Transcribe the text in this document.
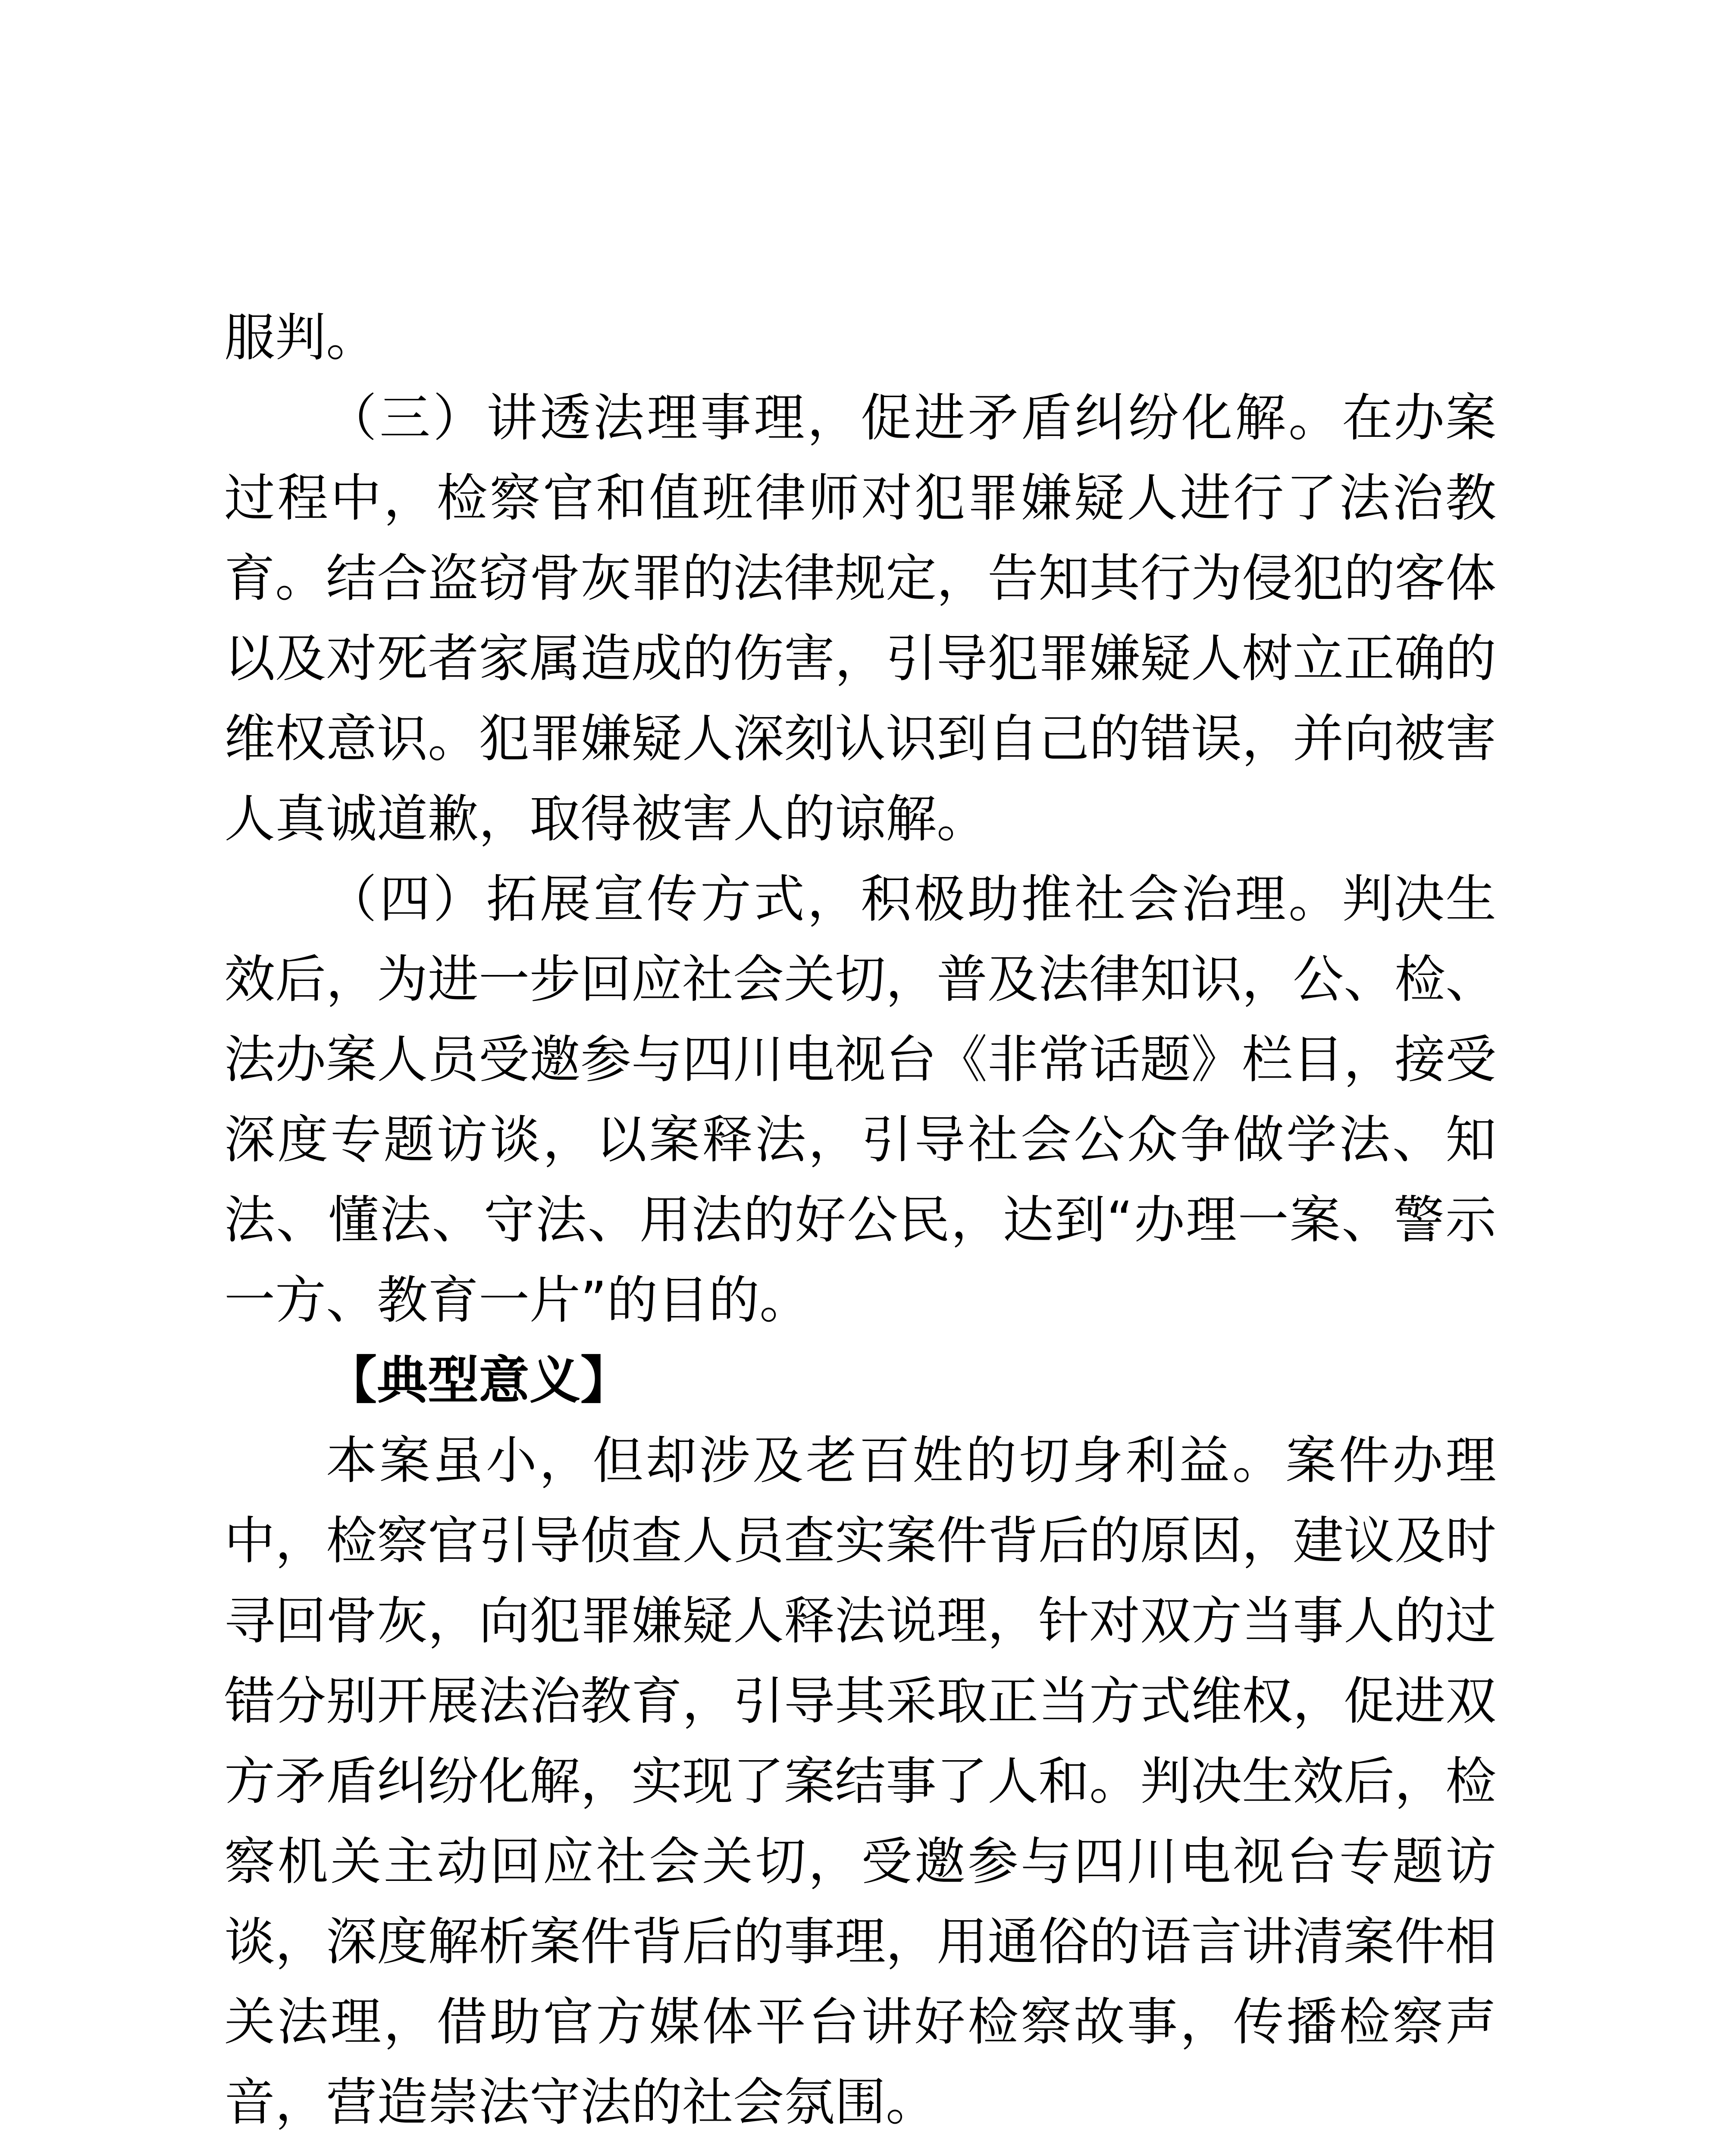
服判。

（三）讲透法理事理，促进矛盾纠纷化解。在办案过程中，检察官和值班律师对犯罪嫌疑人进行了法治教育。结合盗窃骨灰罪的法律规定，告知其行为侵犯的客体以及对死者家属造成的伤害，引导犯罪嫌疑人树立正确的维权意识。犯罪嫌疑人深刻认识到自己的错误，并向被害人真诚道歉，取得被害人的谅解。

（四）拓展宣传方式，积极助推社会治理。判决生效后，为进一步回应社会关切，普及法律知识，公、检、法办案人员受邀参与四川电视台《非常话题》栏目，接受深度专题访谈，以案释法，引导社会公众争做学法、知法、懂法、守法、用法的好公民，达到“办理一案、警示一方、教育一片”的目的。

【典型意义】

本案虽小，但却涉及老百姓的切身利益。案件办理中，检察官引导侦查人员查实案件背后的原因，建议及时寻回骨灰，向犯罪嫌疑人释法说理，针对双方当事人的过错分别开展法治教育，引导其采取正当方式维权，促进双方矛盾纠纷化解，实现了案结事了人和。判决生效后，检察机关主动回应社会关切，受邀参与四川电视台专题访谈，深度解析案件背后的事理，用通俗的语言讲清案件相关法理，借助官方媒体平台讲好检察故事，传播检察声音，营造崇法守法的社会氛围。
